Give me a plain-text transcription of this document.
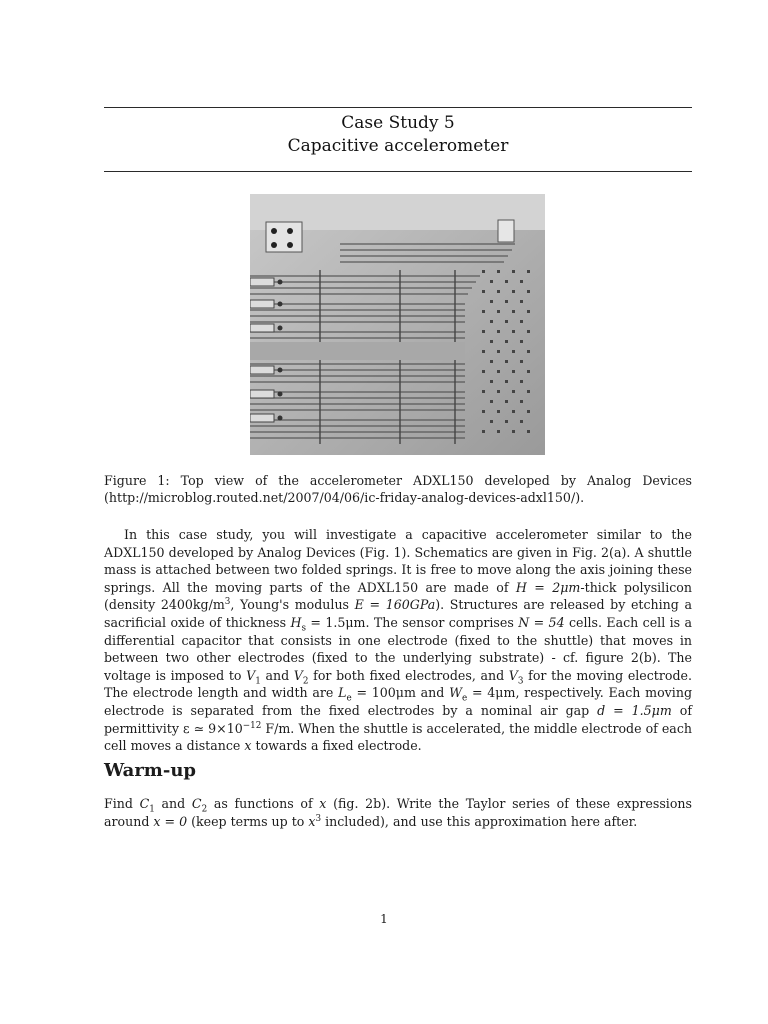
Case Study 5
Capacitive accelerometer
Figure 1: Top view of the accelerometer ADXL150 developed by Analog Devices (http://microblog.routed.net/2007/04/06/ic-friday-analog-devices-adxl150/).
In this case study, you will investigate a capacitive accelerometer similar to the ADXL150 developed by Analog Devices (Fig. 1). Schematics are given in Fig. 2(a). A shuttle mass is attached between two folded springs. It is free to move along the axis joining these springs. All the moving parts of the ADXL150 are made of H = 2μm-thick polysilicon (density $2400kg/m^3$, Young's modulus E = 160GPa). Structures are released by etching a sacrificial oxide of thickness $H_s = 1.5\mu m$. The sensor comprises N = 54 cells. Each cell is a differential capacitor that consists in one electrode (fixed to the shuttle) that moves in between two other electrodes (fixed to the underlying substrate) - cf. figure 2(b). The voltage is imposed to $V_1$ and $V_2$ for both fixed electrodes, and $V_3$ for the moving electrode. The electrode length and width are $L_e = 100\mu m$ and $W_e = 4\mu m$, respectively. Each moving electrode is separated from the fixed electrodes by a nominal air gap d = 1.5μm of permittivity ε ≃ $9\times 10^{-12}$ F/m. When the shuttle is accelerated, the middle electrode of each cell moves a distance x towards a fixed electrode.
Warm-up
Find $C_1$ and $C_2$ as functions of x (fig. 2b). Write the Taylor series of these expressions around x = 0 (keep terms up to $x^3$ included), and use this approximation here after.
1
